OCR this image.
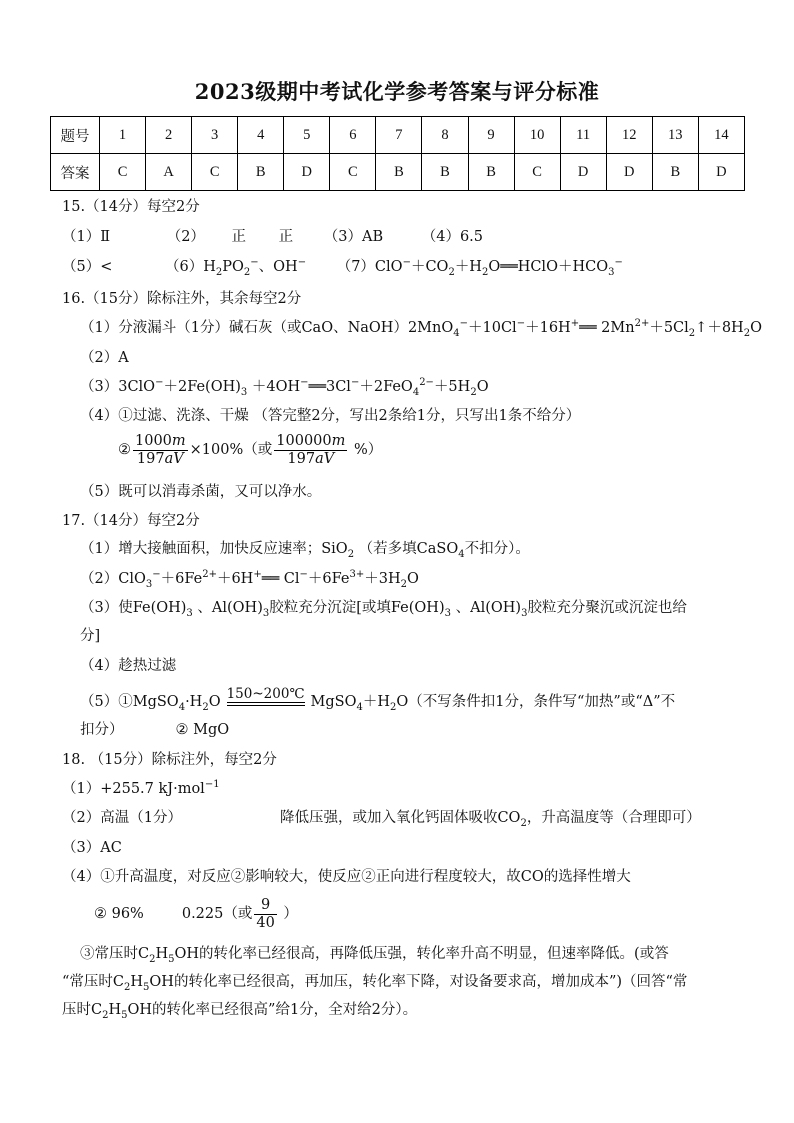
2023级期中考试化学参考答案与评分标准
题号	1	2	3	4	5	6	7	8	9	10	11	12	13	14
答案	C	A	C	B	D	C	B	B	B	C	D	D	B	D
15.（14分）每空2分
（1）Ⅱ	（2） 正 正 （3）AB	（4）6.5
（5）<	$(6)H_2PO_2^-$、OH− $(7)ClO^-+CO_2+H_2O══HClO+HCO_3^-$
16.（15分）除标注外，其余每空2分
（1）分液漏斗（1分）碱石灰（或CaO、NaOH）2MnO$_4$−＋10Cl−＋16H+══ $2Mn^{2+}+5Cl_2↑+8H_2O$
（2）A
$(3)3ClO^-+2Fe(OH)_3$ $+4OH^-══3Cl^-+2FeO_4^{2-}+5H_2O$
（4）①过滤、洗涤、干燥 （答完整2分，写出2条给1分，只写出1条不给分）
② $\frac{1000m}{197aV} \times 100\%$（或 $\frac{100000m}{197aV}$ %）
（5）既可以消毒杀菌，又可以净水。
17.（14分）每空2分
（1）增大接触面积，加快反应速率；SiO$_2$ （若多填CaSO$_4$不扣分）。
$(2)ClO_3^-+6Fe^{2+}+6H^+══$ $Cl^-+6Fe^{3+}+3H_2O$
（3）使$Fe(OH)_3$ 、$Al(OH)_3$胶粒充分沉淀[或填$Fe(OH)_3$ 、$Al(OH)_3$胶粒充分聚沉或沉淀也给
分]
（4）趁热过滤
$(5)①MgSO_4\cdot H_2O$ 150~200℃ $MgSO_4+H_2O$（不写条件扣1分，条件写“加热”或“Δ”不
扣分）	② MgO
18. （15分）除标注外，每空2分
（1）+255.7 kJ·mol$^{-1}$
（2）高温（1分）	降低压强，或加入氧化钙固体吸收$CO_2$，升高温度等（合理即可）
（3）AC
（4）①升高温度，对反应②影响较大，使反应②正向进行程度较大，故CO的选择性增大
② 96%	0.225（或 $\frac{9}{40}$ ）
③常压时$C_2H_5OH$的转化率已经很高，再降低压强，转化率升高不明显，但速率降低。(或答
“常压时$C_2H_5OH$的转化率已经很高，再加压，转化率下降，对设备要求高，增加成本”)（回答“常
压时$C_2H_5OH$的转化率已经很高”给1分，全对给2分）。
